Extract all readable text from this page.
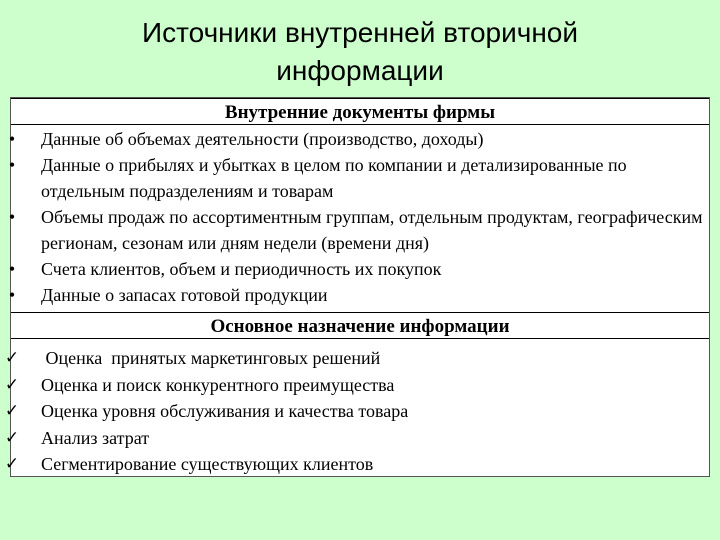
Источники внутренней вторичной информации
Внутренние документы фирмы
•	Данные об объемах деятельности (производство, доходы)
•	Данные о прибылях и убытках в целом по компании и детализированные по отдельным подразделениям и товарам
•	Объемы продаж по ассортиментным группам, отдельным продуктам, географическим регионам, сезонам или дням недели (времени дня)
•	Счета клиентов, объем и периодичность их покупок
•	Данные о запасах готовой продукции
Основное назначение информации
✓ Оценка  принятых маркетинговых решений
✓ Оценка и поиск конкурентного преимущества
✓ Оценка уровня обслуживания и качества товара
✓ Анализ затрат
✓ Сегментирование существующих клиентов
